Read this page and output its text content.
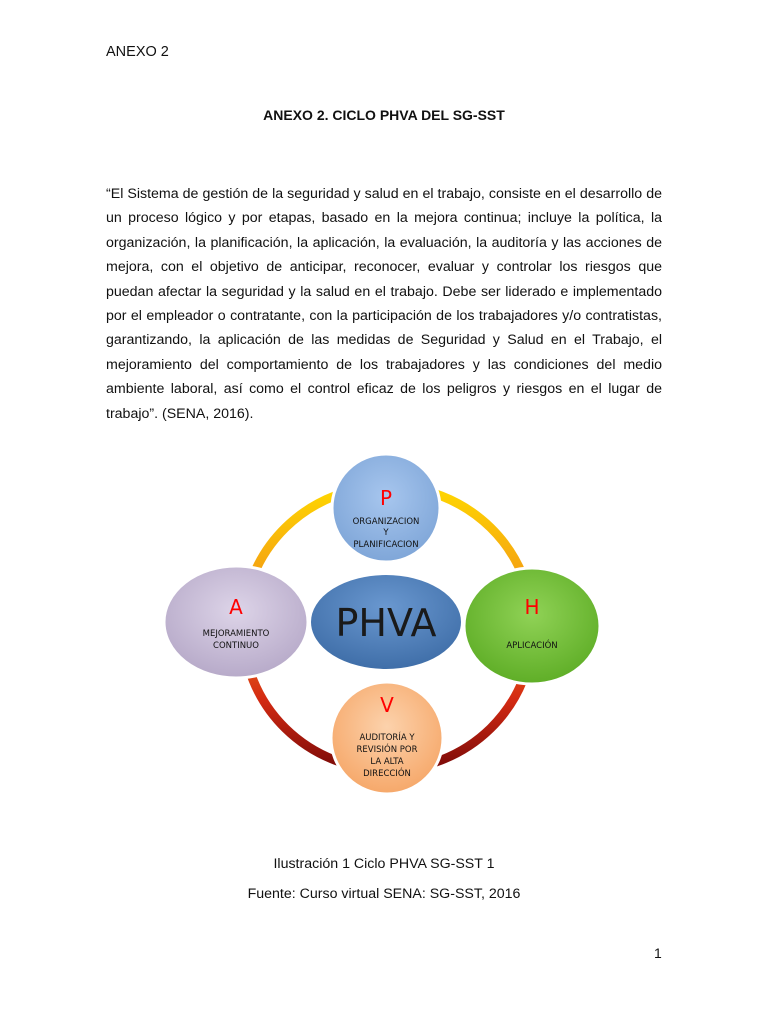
ANEXO 2
ANEXO 2. CICLO PHVA DEL SG-SST
“El Sistema de gestión de la seguridad y salud en el trabajo, consiste en el desarrollo de un proceso lógico y por etapas, basado en la mejora continua; incluye la política, la organización, la planificación, la aplicación, la evaluación, la auditoría y las acciones de mejora, con el objetivo de anticipar, reconocer, evaluar y controlar los riesgos que puedan afectar la seguridad y la salud en el trabajo. Debe ser liderado e implementado por el empleador o contratante, con la participación de los trabajadores y/o contratistas, garantizando, la aplicación de las medidas de Seguridad y Salud en el Trabajo, el mejoramiento del comportamiento de los trabajadores y las condiciones del medio ambiente laboral, así como el control eficaz de los peligros y riesgos en el lugar de trabajo”. (SENA, 2016).
PHVA
P
ORGANIZACION
Y
PLANIFICACION
H
APLICACIÓN
V
AUDITORÍA Y
REVISIÓN POR
LA ALTA
DIRECCIÓN
A
MEJORAMIENTO
CONTINUO
Ilustración 1 Ciclo PHVA SG-SST 1
Fuente: Curso virtual SENA: SG-SST, 2016
1
